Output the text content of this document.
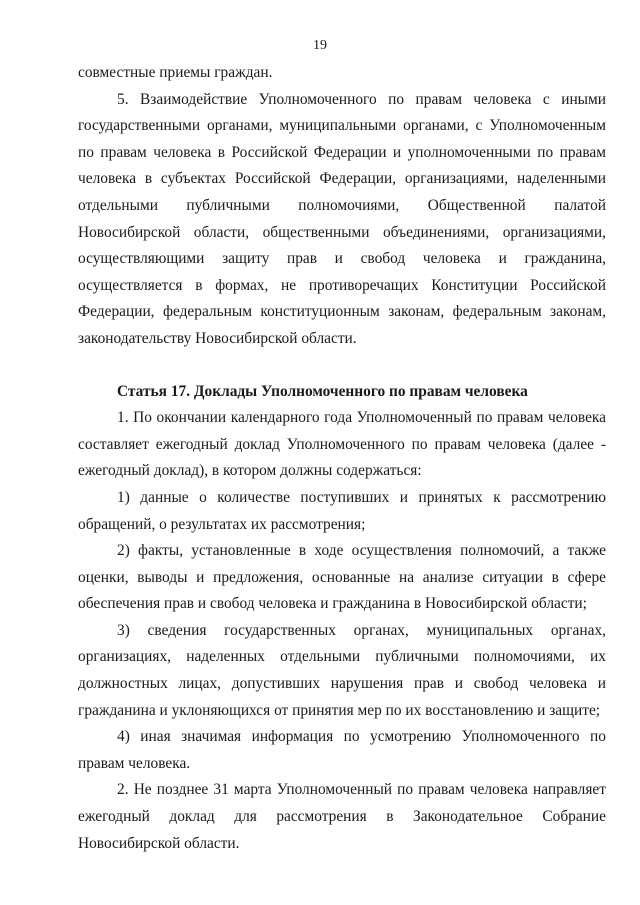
19

совместные приемы граждан.

5. Взаимодействие Уполномоченного по правам человека с иными государственными органами, муниципальными органами, с Уполномоченным по правам человека в Российской Федерации и уполномоченными по правам человека в субъектах Российской Федерации, организациями, наделенными отдельными публичными полномочиями, Общественной палатой Новосибирской области, общественными объединениями, организациями, осуществляющими защиту прав и свобод человека и гражданина, осуществляется в формах, не противоречащих Конституции Российской Федерации, федеральным конституционным законам, федеральным законам, законодательству Новосибирской области.

Статья 17. Доклады Уполномоченного по правам человека

1. По окончании календарного года Уполномоченный по правам человека составляет ежегодный доклад Уполномоченного по правам человека (далее - ежегодный доклад), в котором должны содержаться:

1) данные о количестве поступивших и принятых к рассмотрению обращений, о результатах их рассмотрения;

2) факты, установленные в ходе осуществления полномочий, а также оценки, выводы и предложения, основанные на анализе ситуации в сфере обеспечения прав и свобод человека и гражданина в Новосибирской области;

3) сведения государственных органах, муниципальных органах, организациях, наделенных отдельными публичными полномочиями, их должностных лицах, допустивших нарушения прав и свобод человека и гражданина и уклоняющихся от принятия мер по их восстановлению и защите;

4) иная значимая информация по усмотрению Уполномоченного по правам человека.

2. Не позднее 31 марта Уполномоченный по правам человека направляет ежегодный доклад для рассмотрения в Законодательное Собрание Новосибирской области.
